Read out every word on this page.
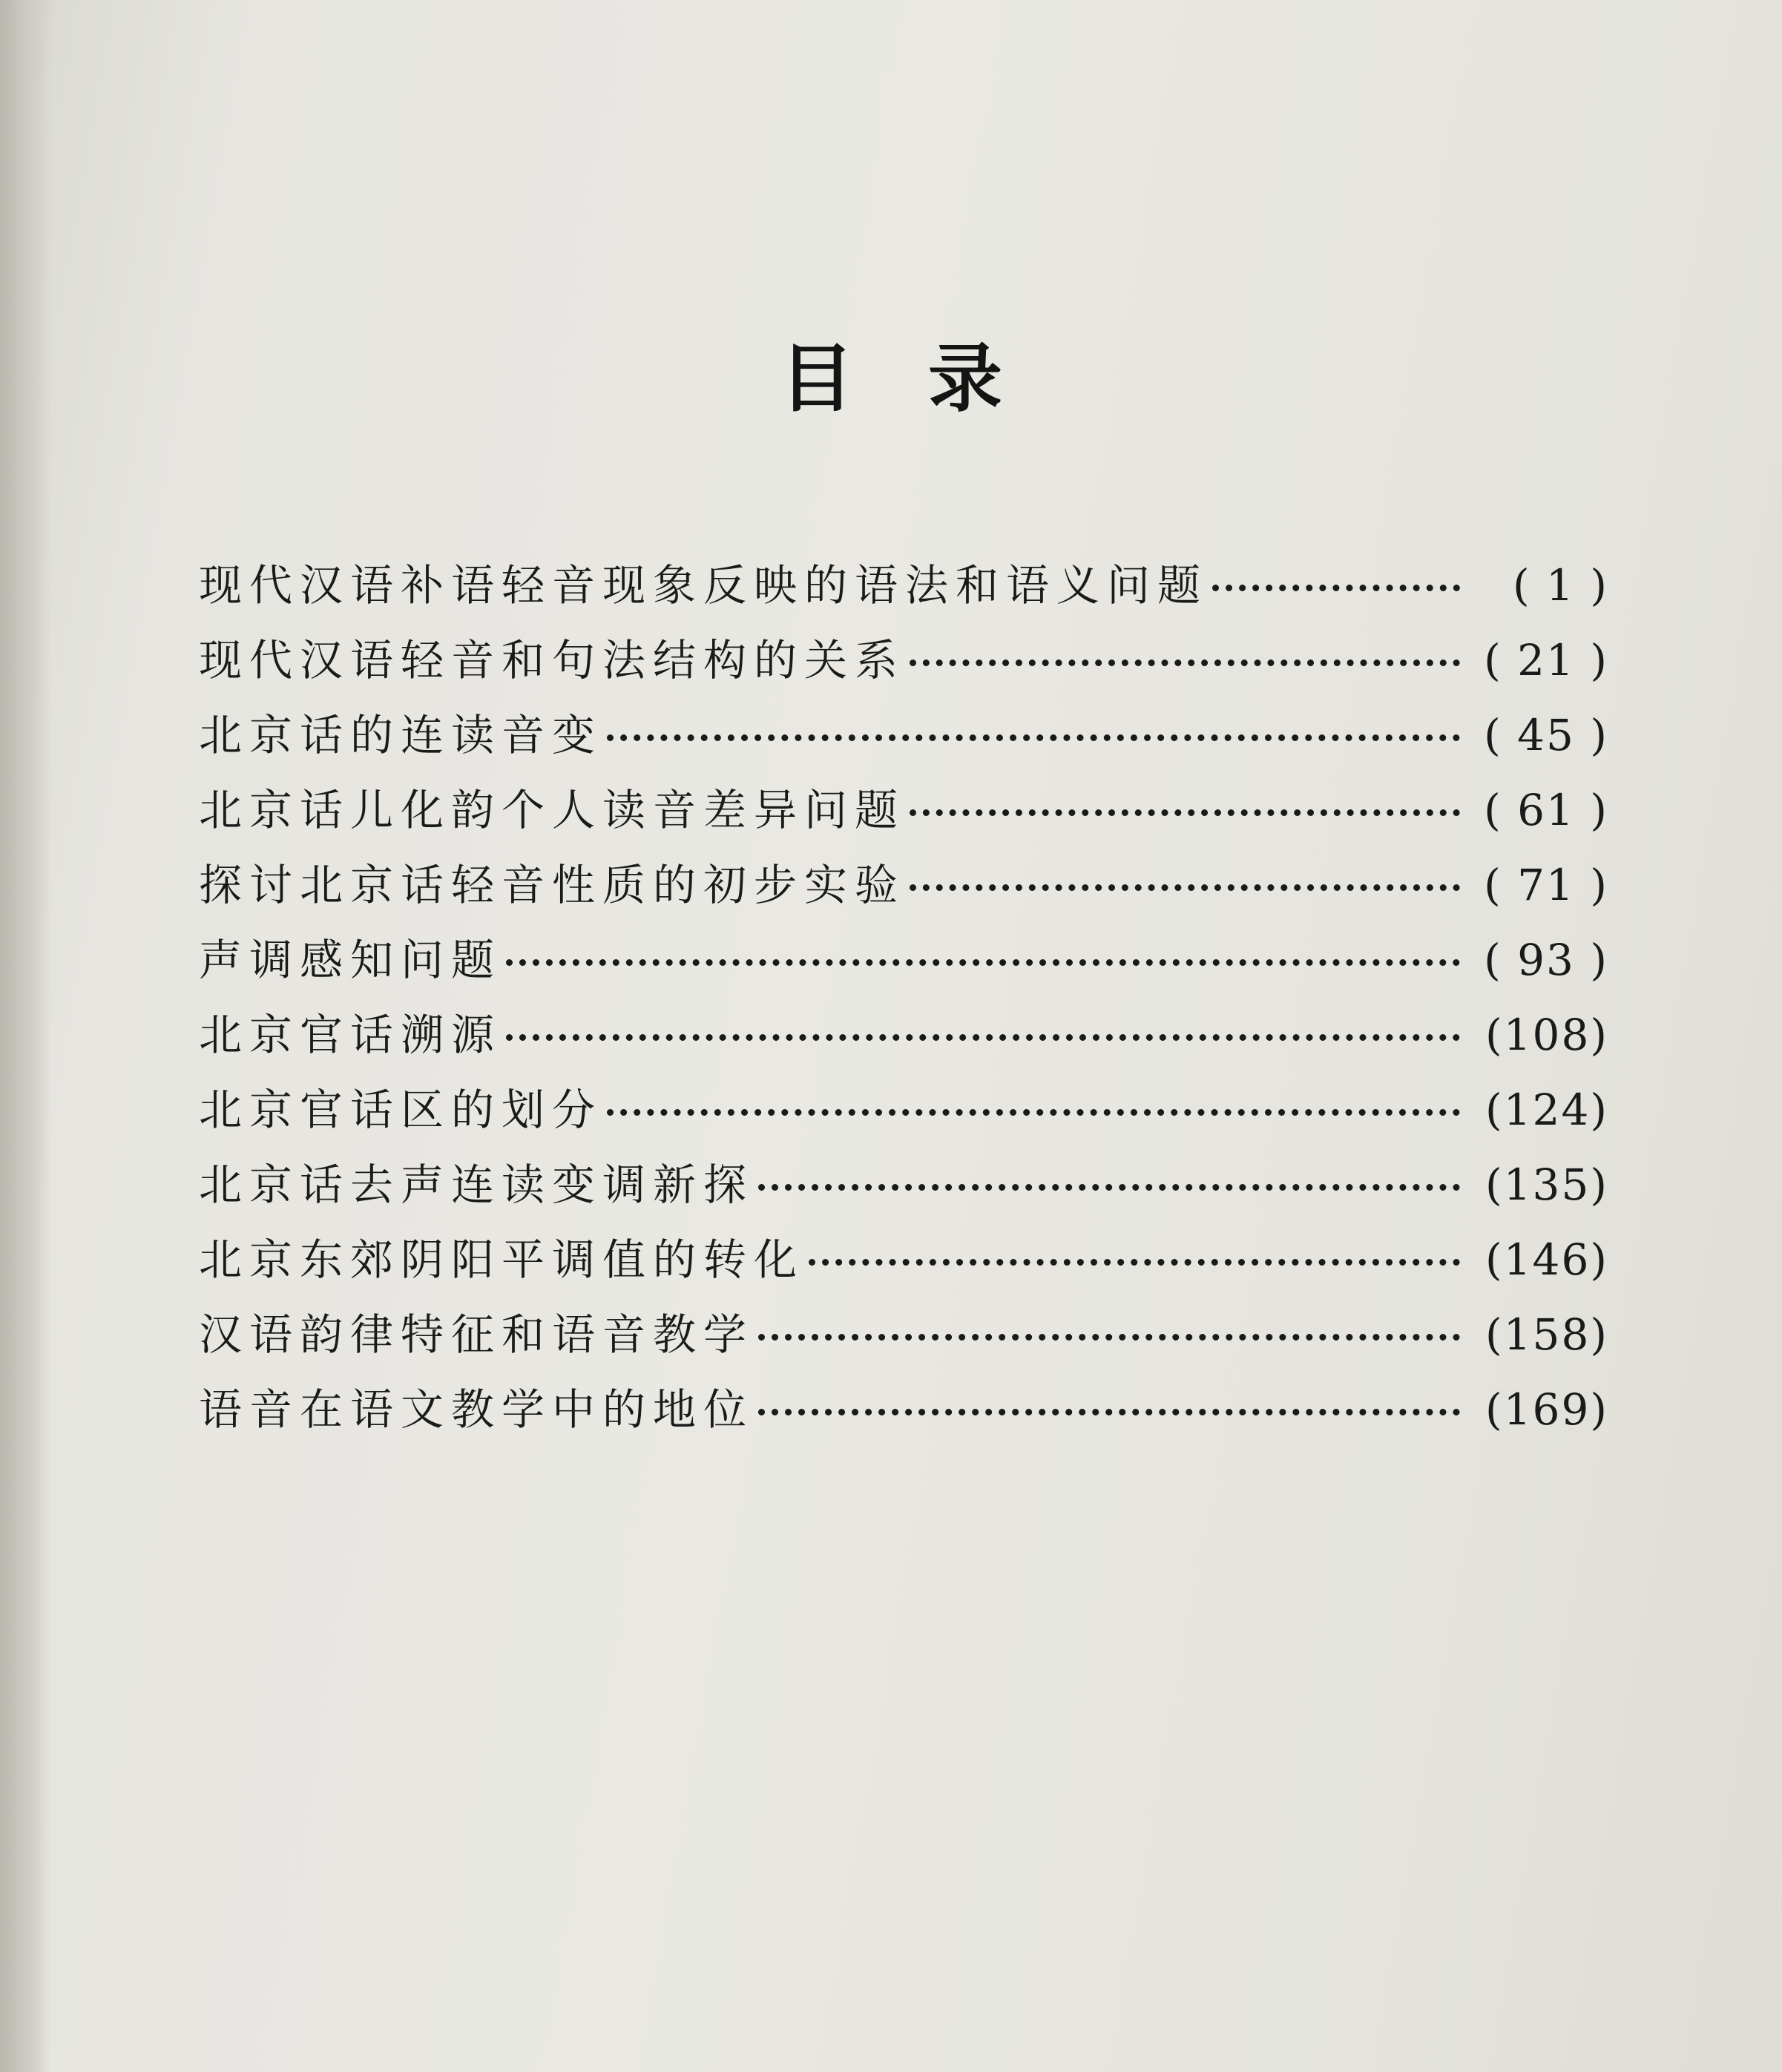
目　录
现代汉语补语轻音现象反映的语法和语义问题	( 1 )
现代汉语轻音和句法结构的关系	( 21 )
北京话的连读音变	( 45 )
北京话儿化韵个人读音差异问题	( 61 )
探讨北京话轻音性质的初步实验	( 71 )
声调感知问题	( 93 )
北京官话溯源	(108)
北京官话区的划分	(124)
北京话去声连读变调新探	(135)
北京东郊阴阳平调值的转化	(146)
汉语韵律特征和语音教学	(158)
语音在语文教学中的地位	(169)
